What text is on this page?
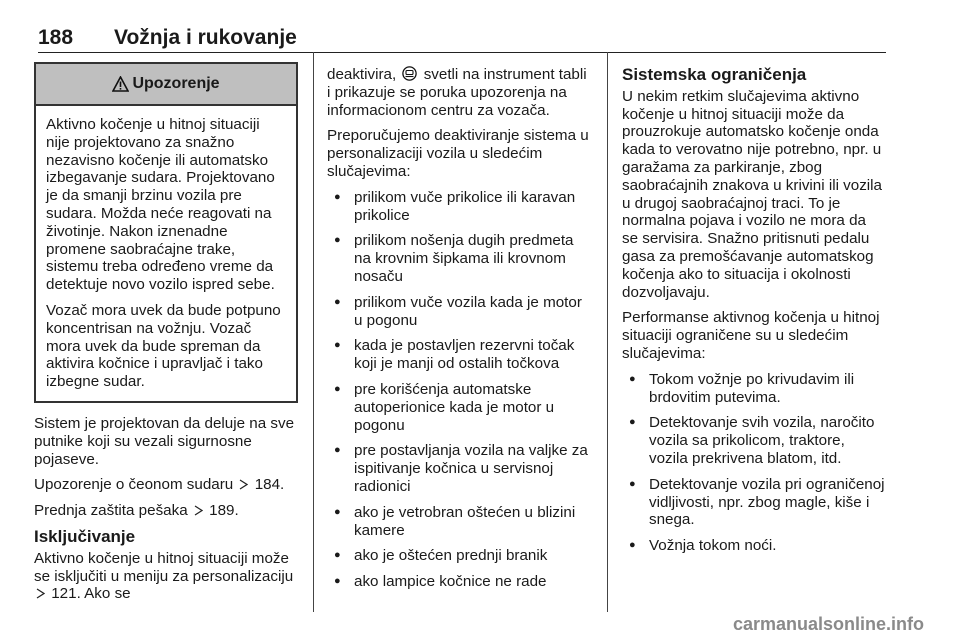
188 Vožnja i rukovanje
Upozorenje

Aktivno kočenje u hitnoj situaciji nije projektovano za snažno nezavisno kočenje ili automatsko izbegavanje sudara. Projektovano je da smanji brzinu vozila pre sudara. Možda neće reagovati na životinje. Nakon iznenadne promene saobraćajne trake, sistemu treba određeno vreme da detektuje novo vozilo ispred sebe.

Vozač mora uvek da bude potpuno koncentrisan na vožnju. Vozač mora uvek da bude spreman da aktivira kočnice i upravljač i tako izbegne sudar.

Sistem je projektovan da deluje na sve putnike koji su vezali sigurnosne pojaseve.

Upozorenje o čeonom sudaru 184.

Prednja zaštita pešaka 189.

Isključivanje

Aktivno kočenje u hitnoj situaciji može se isključiti u meniju za personalizaciju  121. Ako se

deaktivira, svetli na instrument tabli i prikazuje se poruka upozorenja na informacionom centru za vozača.

Preporučujemo deaktiviranje sistema u personalizaciji vozila u sledećim slučajevima:

● prilikom vuče prikolice ili karavan prikolice
● prilikom nošenja dugih predmeta na krovnim šipkama ili krovnom nosaču
● prilikom vuče vozila kada je motor u pogonu
● kada je postavljen rezervni točak koji je manji od ostalih točkova
● pre korišćenja automatske autoperionice kada je motor u pogonu
● pre postavljanja vozila na valjke za ispitivanje kočnica u servisnoj radionici
● ako je vetrobran oštećen u blizini kamere
● ako je oštećen prednji branik
● ako lampice kočnice ne rade
Sistemska ograničenja

U nekim retkim slučajevima aktivno kočenje u hitnoj situaciji može da prouzrokuje automatsko kočenje onda kada to verovatno nije potrebno, npr. u garažama za parkiranje, zbog saobraćajnih znakova u krivini ili vozila u drugoj saobraćajnoj traci. To je normalna pojava i vozilo ne mora da se servisira. Snažno pritisnuti pedalu gasa za premošćavanje automatskog kočenja ako to situacija i okolnosti dozvoljavaju.

Performanse aktivnog kočenja u hitnoj situaciji ograničene su u sledećim slučajevima:

● Tokom vožnje po krivudavim ili brdovitim putevima.
● Detektovanje svih vozila, naročito vozila sa prikolicom, traktore, vozila prekrivena blatom, itd.
● Detektovanje vozila pri ograničenoj vidljivosti, npr. zbog magle, kiše i snega.
● Vožnja tokom noći.
carmanualsonline.info
